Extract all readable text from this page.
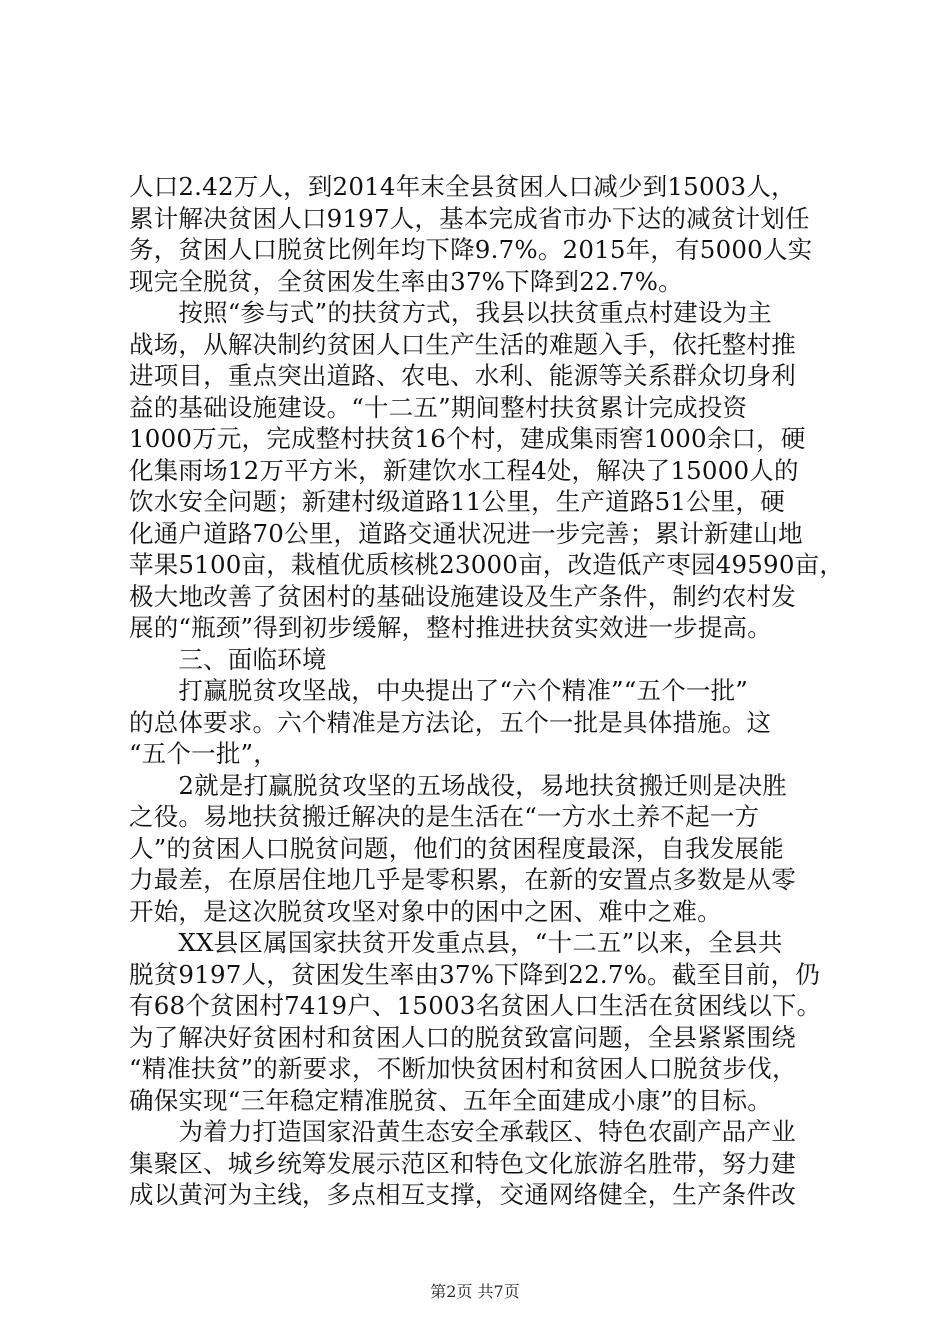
人口2.42万人，到2014年末全县贫困人口减少到15003人，
累计解决贫困人口9197人，基本完成省市办下达的减贫计划任
务，贫困人口脱贫比例年均下降9.7%。2015年，有5000人实
现完全脱贫，全贫困发生率由37%下降到22.7%。
　　按照“参与式”的扶贫方式，我县以扶贫重点村建设为主
战场，从解决制约贫困人口生产生活的难题入手，依托整村推
进项目，重点突出道路、农电、水利、能源等关系群众切身利
益的基础设施建设。“十二五”期间整村扶贫累计完成投资
1000万元，完成整村扶贫16个村，建成集雨窖1000余口，硬
化集雨场12万平方米，新建饮水工程4处，解决了15000人的
饮水安全问题；新建村级道路11公里，生产道路51公里，硬
化通户道路70公里，道路交通状况进一步完善；累计新建山地
苹果5100亩，栽植优质核桃23000亩，改造低产枣园49590亩，
极大地改善了贫困村的基础设施建设及生产条件，制约农村发
展的“瓶颈”得到初步缓解，整村推进扶贫实效进一步提高。
　　三、面临环境
　　打赢脱贫攻坚战，中央提出了“六个精准”“五个一批”
的总体要求。六个精准是方法论，五个一批是具体措施。这
“五个一批”，
　　2就是打赢脱贫攻坚的五场战役，易地扶贫搬迁则是决胜
之役。易地扶贫搬迁解决的是生活在“一方水土养不起一方
人”的贫困人口脱贫问题，他们的贫困程度最深，自我发展能
力最差，在原居住地几乎是零积累，在新的安置点多数是从零
开始，是这次脱贫攻坚对象中的困中之困、难中之难。
　　XX县区属国家扶贫开发重点县，“十二五”以来，全县共
脱贫9197人，贫困发生率由37%下降到22.7%。截至目前，仍
有68个贫困村7419户、15003名贫困人口生活在贫困线以下。
为了解决好贫困村和贫困人口的脱贫致富问题，全县紧紧围绕
“精准扶贫”的新要求，不断加快贫困村和贫困人口脱贫步伐，
确保实现“三年稳定精准脱贫、五年全面建成小康”的目标。
　　为着力打造国家沿黄生态安全承载区、特色农副产品产业
集聚区、城乡统筹发展示范区和特色文化旅游名胜带，努力建
成以黄河为主线，多点相互支撑，交通网络健全，生产条件改
第2页 共7页
